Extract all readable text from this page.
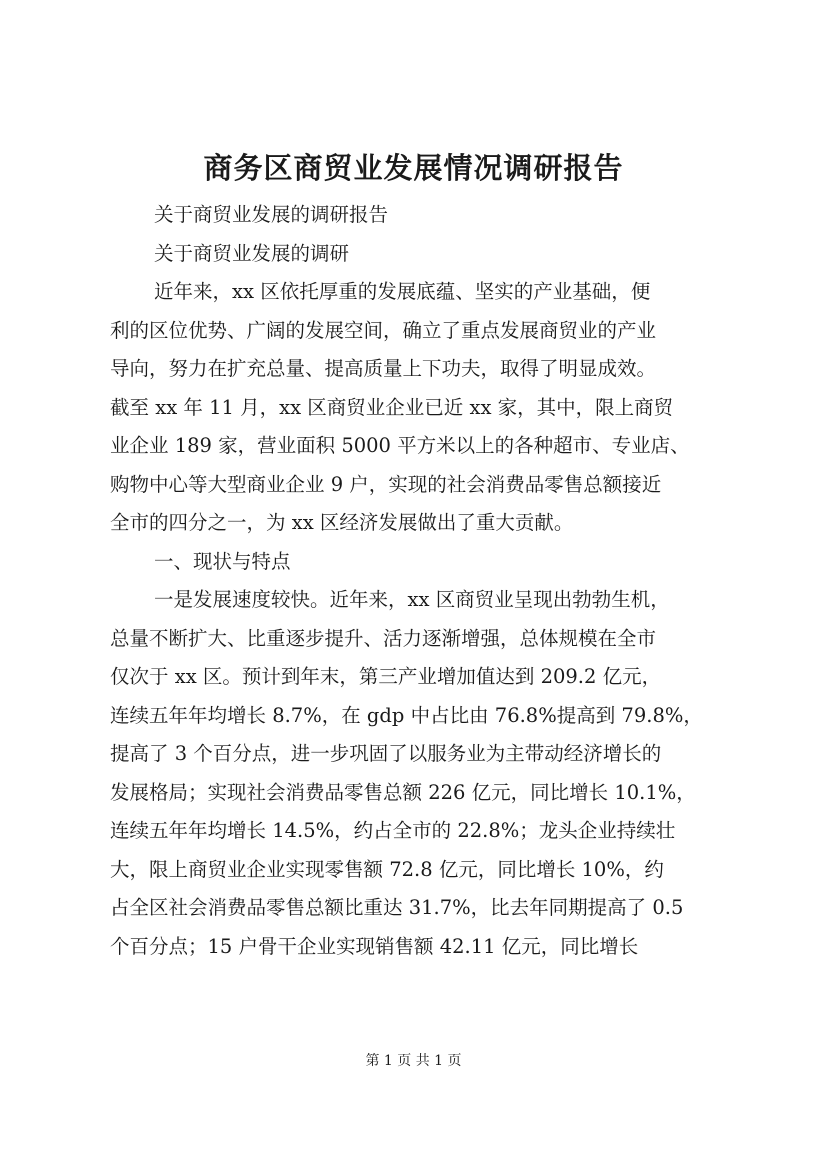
商务区商贸业发展情况调研报告

关于商贸业发展的调研报告

关于商贸业发展的调研

近年来，xx 区依托厚重的发展底蕴、坚实的产业基础，便

利的区位优势、广阔的发展空间，确立了重点发展商贸业的产业

导向，努力在扩充总量、提高质量上下功夫，取得了明显成效。

截至 xx 年 11 月，xx 区商贸业企业已近 xx 家，其中，限上商贸

业企业 189 家，营业面积 5000 平方米以上的各种超市、专业店、

购物中心等大型商业企业 9 户，实现的社会消费品零售总额接近

全市的四分之一，为 xx 区经济发展做出了重大贡献。

一、现状与特点

一是发展速度较快。近年来，xx 区商贸业呈现出勃勃生机，

总量不断扩大、比重逐步提升、活力逐渐增强，总体规模在全市

仅次于 xx 区。预计到年末，第三产业增加值达到 209.2 亿元，

连续五年年均增长 8.7%，在 gdp 中占比由 76.8%提高到 79.8%，

提高了 3 个百分点，进一步巩固了以服务业为主带动经济增长的

发展格局；实现社会消费品零售总额 226 亿元，同比增长 10.1%，

连续五年年均增长 14.5%，约占全市的 22.8%；龙头企业持续壮

大，限上商贸业企业实现零售额 72.8 亿元，同比增长 10%，约

占全区社会消费品零售总额比重达 31.7%，比去年同期提高了 0.5

个百分点；15 户骨干企业实现销售额 42.11 亿元，同比增长

第 1 页 共 1 页
